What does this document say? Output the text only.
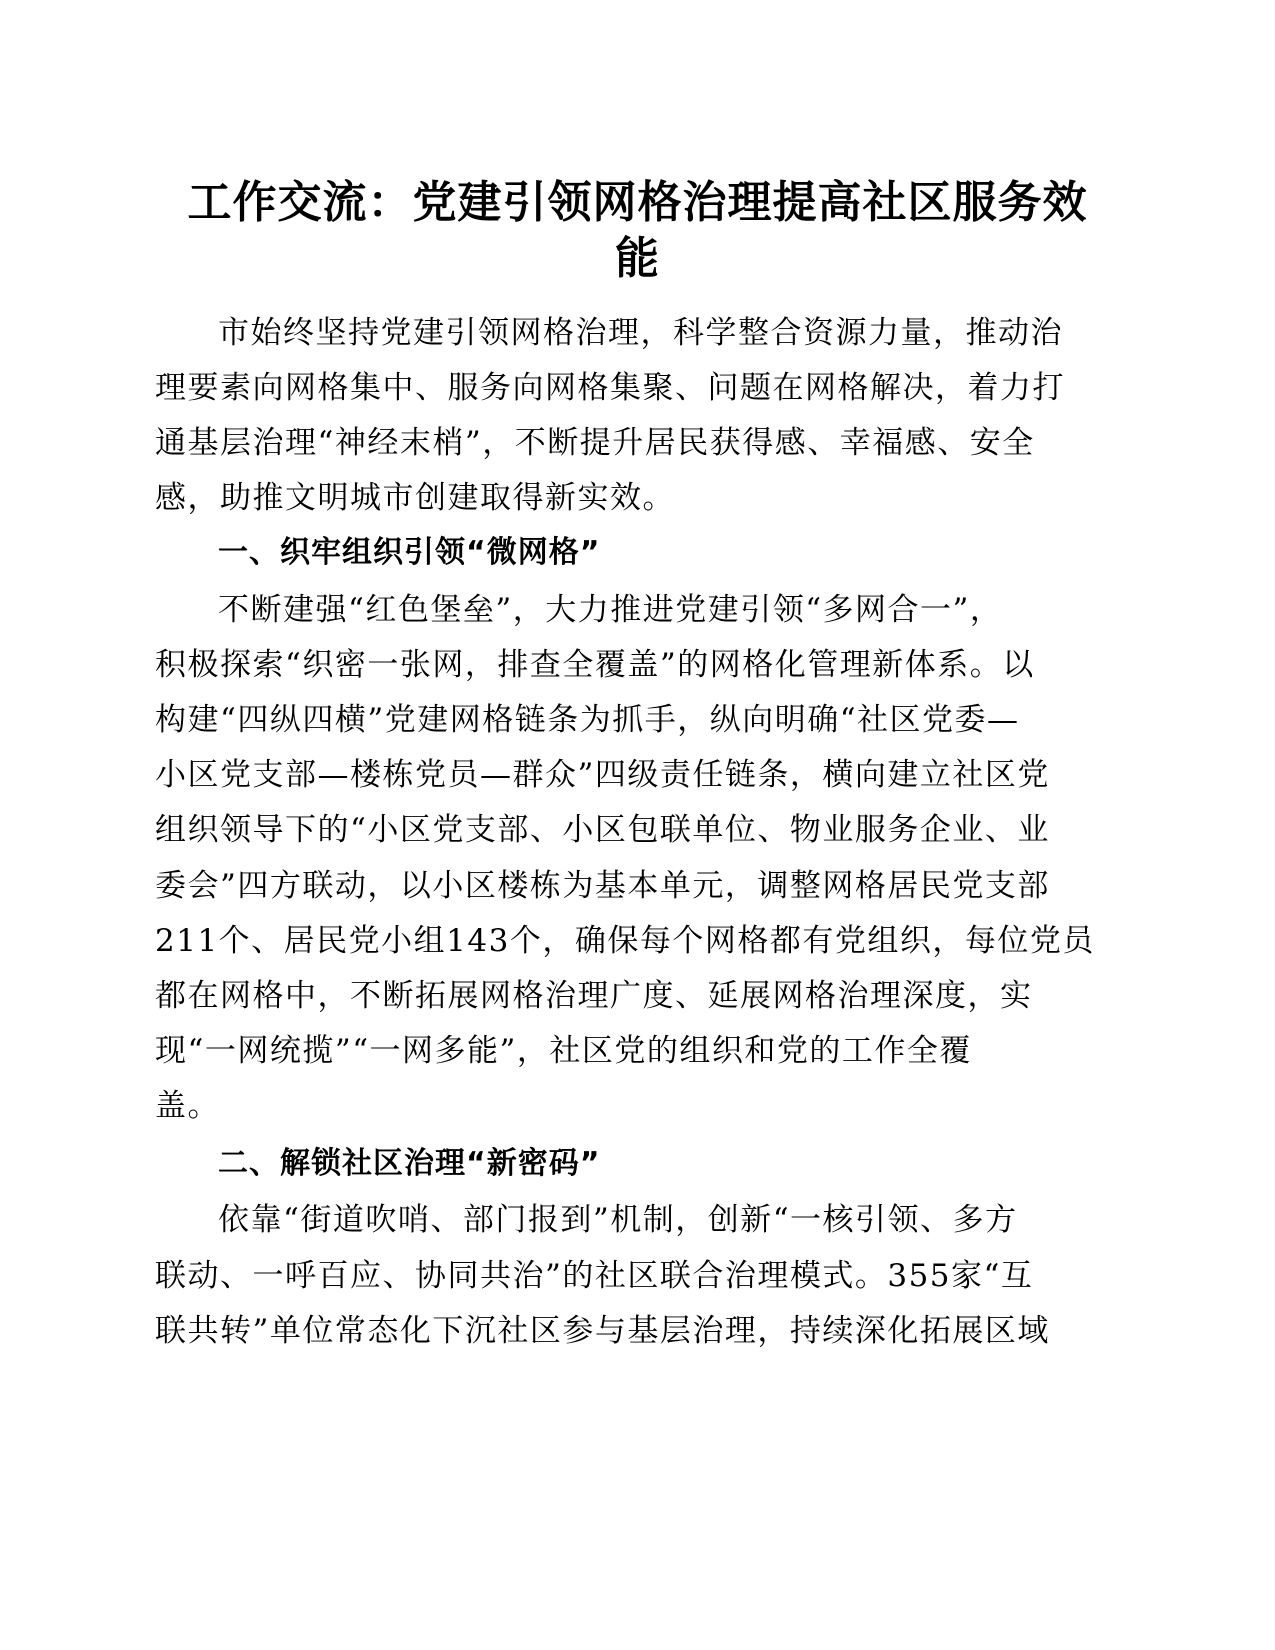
工作交流：党建引领网格治理提高社区服务效
能
市始终坚持党建引领网格治理，科学整合资源力量，推动治
理要素向网格集中、服务向网格集聚、问题在网格解决，着力打
通基层治理“神经末梢”，不断提升居民获得感、幸福感、安全
感，助推文明城市创建取得新实效。
一、织牢组织引领“微网格”
不断建强“红色堡垒”，大力推进党建引领“多网合一”，
积极探索“织密一张网，排查全覆盖”的网格化管理新体系。以
构建“四纵四横”党建网格链条为抓手，纵向明确“社区党委—
小区党支部—楼栋党员—群众”四级责任链条，横向建立社区党
组织领导下的“小区党支部、小区包联单位、物业服务企业、业
委会”四方联动，以小区楼栋为基本单元，调整网格居民党支部
211个、居民党小组143个，确保每个网格都有党组织，每位党员
都在网格中，不断拓展网格治理广度、延展网格治理深度，实
现“一网统揽”“一网多能”，社区党的组织和党的工作全覆
盖。
二、解锁社区治理“新密码”
依靠“街道吹哨、部门报到”机制，创新“一核引领、多方
联动、一呼百应、协同共治”的社区联合治理模式。355家“互
联共转”单位常态化下沉社区参与基层治理，持续深化拓展区域
